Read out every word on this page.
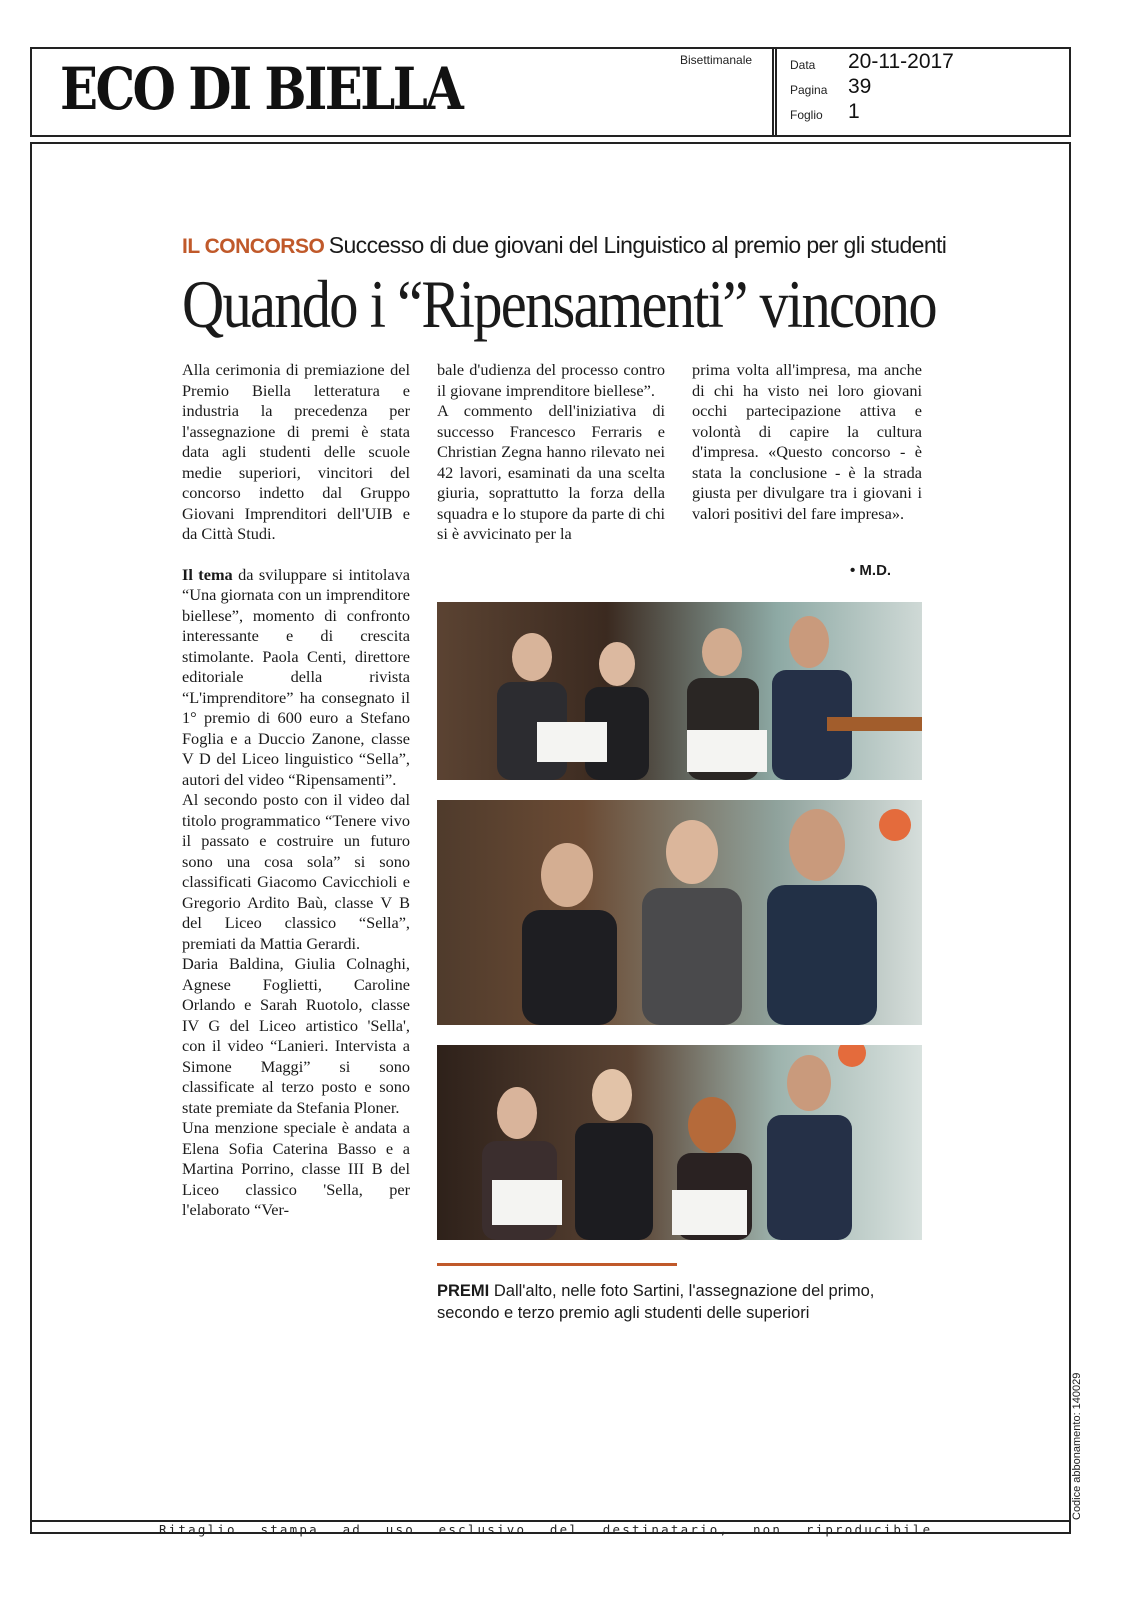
ECO DI BIELLA	Bisettimanale	Data 20-11-2017
Pagina 39
Foglio 1
IL CONCORSO Successo di due giovani del Linguistico al premio per gli studenti
Quando i “Ripensamenti” vincono

Alla cerimonia di premiazione del Premio Biella letteratura e industria la precedenza per l'assegnazione di premi è stata data agli studenti delle scuole medie superiori, vincitori del concorso indetto dal Gruppo Giovani Imprenditori dell'UIB e da Città Studi.

Il tema da sviluppare si intitolava “Una giornata con un imprenditore biellese”, momento di confronto interessante e di crescita stimolante. Paola Centi, direttore editoriale della rivista “L'imprenditore” ha consegnato il 1° premio di 600 euro a Stefano Foglia e a Duccio Zanone, classe V D del Liceo linguistico “Sella”, autori del video “Ripensamenti”.

Al secondo posto con il video dal titolo programmatico “Tenere vivo il passato e costruire un futuro sono una cosa sola” si sono classificati Giacomo Cavicchioli e Gregorio Ardito Baù, classe V B del Liceo classico “Sella”, premiati da Mattia Gerardi.

Daria Baldina, Giulia Colnaghi, Agnese Foglietti, Caroline Orlando e Sarah Ruotolo, classe IV G del Liceo artistico 'Sella', con il video “Lanieri. Intervista a Simone Maggi” si sono classificate al terzo posto e sono state premiate da Stefania Ploner.

Una menzione speciale è andata a Elena Sofia Caterina Basso e a Martina Porrino, classe III B del Liceo classico 'Sella, per l'elaborato “Ver-

bale d'udienza del processo contro il giovane imprenditore biellese”.

A commento dell'iniziativa di successo Francesco Ferraris e Christian Zegna hanno rilevato nei 42 lavori, esaminati da una scelta giuria, soprattutto la forza della squadra e lo stupore da parte di chi si è avvicinato per la

prima volta all'impresa, ma anche di chi ha visto nei loro giovani occhi partecipazione attiva e volontà di capire la cultura d'impresa. «Questo concorso - è stata la conclusione - è la strada giusta per divulgare tra i giovani i valori positivi del fare impresa».

• M.D.
PREMI Dall'alto, nelle foto Sartini, l'assegnazione del primo, secondo e terzo premio agli studenti delle superiori
Ritaglio stampa ad uso esclusivo del destinatario, non riproducibile.
Codice abbonamento: 140029
